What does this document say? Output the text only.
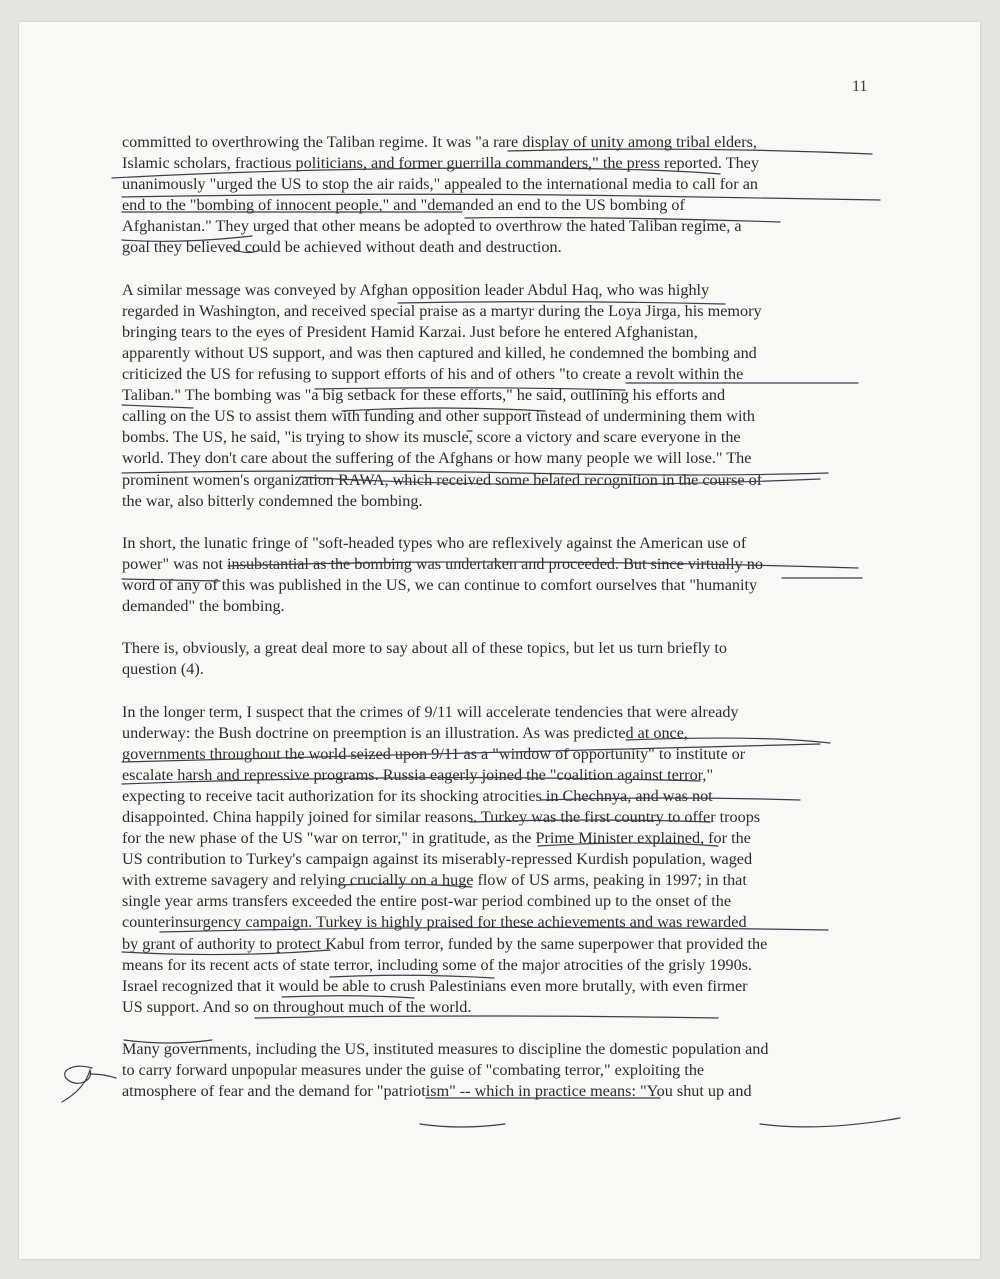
11

committed to overthrowing the Taliban regime. It was "a rare display of unity among tribal elders,
Islamic scholars, fractious politicians, and former guerrilla commanders," the press reported. They
unanimously "urged the US to stop the air raids," appealed to the international media to call for an
end to the "bombing of innocent people," and "demanded an end to the US bombing of
Afghanistan." They urged that other means be adopted to overthrow the hated Taliban regime, a
goal they believed could be achieved without death and destruction.

A similar message was conveyed by Afghan opposition leader Abdul Haq, who was highly
regarded in Washington, and received special praise as a martyr during the Loya Jirga, his memory
bringing tears to the eyes of President Hamid Karzai. Just before he entered Afghanistan,
apparently without US support, and was then captured and killed, he condemned the bombing and
criticized the US for refusing to support efforts of his and of others "to create a revolt within the
Taliban." The bombing was "a big setback for these efforts," he said, outlining his efforts and
calling on the US to assist them with funding and other support instead of undermining them with
bombs. The US, he said, "is trying to show its muscle, score a victory and scare everyone in the
world. They don't care about the suffering of the Afghans or how many people we will lose." The
prominent women's organization RAWA, which received some belated recognition in the course of
the war, also bitterly condemned the bombing.

In short, the lunatic fringe of "soft-headed types who are reflexively against the American use of
power" was not insubstantial as the bombing was undertaken and proceeded. But since virtually no
word of any of this was published in the US, we can continue to comfort ourselves that "humanity
demanded" the bombing.

There is, obviously, a great deal more to say about all of these topics, but let us turn briefly to
question (4).

In the longer term, I suspect that the crimes of 9/11 will accelerate tendencies that were already
underway: the Bush doctrine on preemption is an illustration. As was predicted at once,
governments throughout the world seized upon 9/11 as a "window of opportunity" to institute or
escalate harsh and repressive programs. Russia eagerly joined the "coalition against terror,"
expecting to receive tacit authorization for its shocking atrocities in Chechnya, and was not
disappointed. China happily joined for similar reasons. Turkey was the first country to offer troops
for the new phase of the US "war on terror," in gratitude, as the Prime Minister explained, for the
US contribution to Turkey's campaign against its miserably-repressed Kurdish population, waged
with extreme savagery and relying crucially on a huge flow of US arms, peaking in 1997; in that
single year arms transfers exceeded the entire post-war period combined up to the onset of the
counterinsurgency campaign. Turkey is highly praised for these achievements and was rewarded
by grant of authority to protect Kabul from terror, funded by the same superpower that provided the
means for its recent acts of state terror, including some of the major atrocities of the grisly 1990s.
Israel recognized that it would be able to crush Palestinians even more brutally, with even firmer
US support. And so on throughout much of the world.

Many governments, including the US, instituted measures to discipline the domestic population and
to carry forward unpopular measures under the guise of "combating terror," exploiting the
atmosphere of fear and the demand for "patriotism" -- which in practice means: "You shut up and
